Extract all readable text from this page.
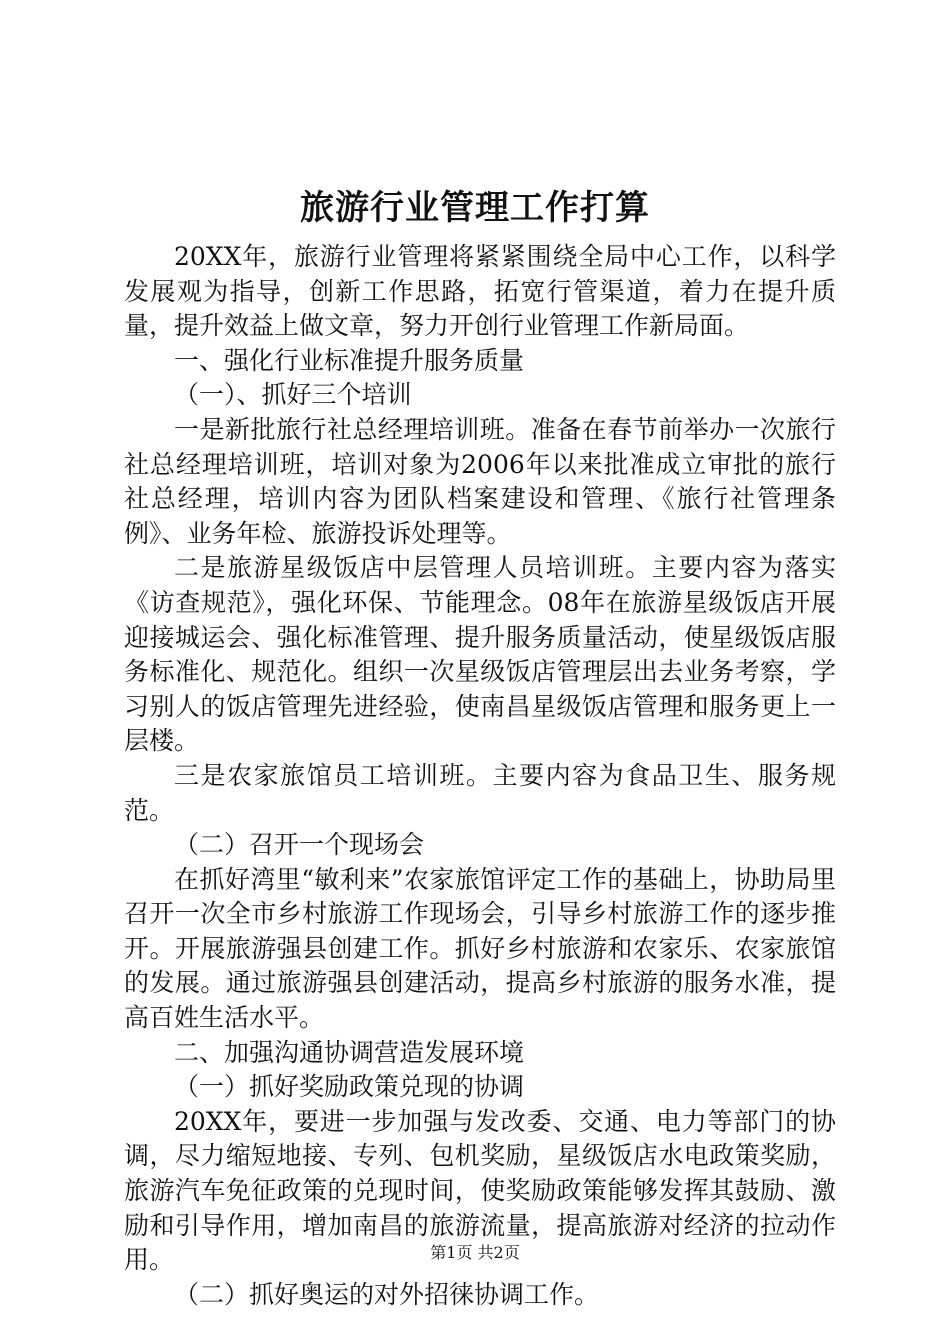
旅游行业管理工作打算

20XX年，旅游行业管理将紧紧围绕全局中心工作，以科学发展观为指导，创新工作思路，拓宽行管渠道，着力在提升质量，提升效益上做文章，努力开创行业管理工作新局面。

一、强化行业标准提升服务质量

（一）、抓好三个培训

一是新批旅行社总经理培训班。准备在春节前举办一次旅行社总经理培训班，培训对象为2006年以来批准成立审批的旅行社总经理，培训内容为团队档案建设和管理、《旅行社管理条例》、业务年检、旅游投诉处理等。

二是旅游星级饭店中层管理人员培训班。主要内容为落实《访查规范》，强化环保、节能理念。08年在旅游星级饭店开展迎接城运会、强化标准管理、提升服务质量活动，使星级饭店服务标准化、规范化。组织一次星级饭店管理层出去业务考察，学习别人的饭店管理先进经验，使南昌星级饭店管理和服务更上一层楼。

三是农家旅馆员工培训班。主要内容为食品卫生、服务规范。

（二）召开一个现场会

在抓好湾里“敏利来”农家旅馆评定工作的基础上，协助局里召开一次全市乡村旅游工作现场会，引导乡村旅游工作的逐步推开。开展旅游强县创建工作。抓好乡村旅游和农家乐、农家旅馆的发展。通过旅游强县创建活动，提高乡村旅游的服务水准，提高百姓生活水平。

二、加强沟通协调营造发展环境

（一）抓好奖励政策兑现的协调

20XX年，要进一步加强与发改委、交通、电力等部门的协调，尽力缩短地接、专列、包机奖励，星级饭店水电政策奖励，旅游汽车免征政策的兑现时间，使奖励政策能够发挥其鼓励、激励和引导作用，增加南昌的旅游流量，提高旅游对经济的拉动作用。

（二）抓好奥运的对外招徕协调工作。

第1页 共2页
